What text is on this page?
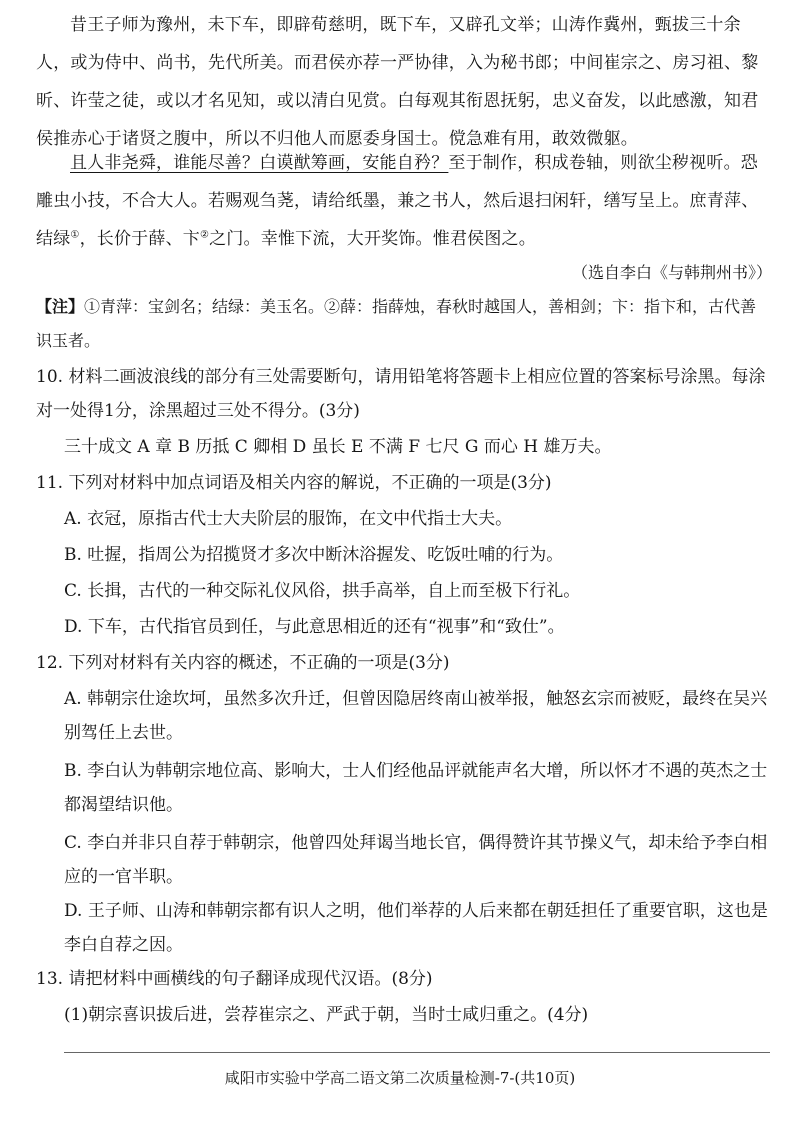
昔王子师为豫州，未下车，即辟荀慈明，既下车，又辟孔文举；山涛作冀州，甄拔三十余人，或为侍中、尚书，先代所美。而君侯亦荐一严协律，入为秘书郎；中间崔宗之、房习祖、黎昕、许莹之徒，或以才名见知，或以清白见赏。白每观其衔恩抚躬，忠义奋发，以此感激，知君侯推赤心于诸贤之腹中，所以不归他人而愿委身国士。傥急难有用，敢效微躯。

且人非尧舜，谁能尽善？白谟猷筹画，安能自矜？至于制作，积成卷轴，则欲尘秽视听。恐雕虫小技，不合大人。若赐观刍荛，请给纸墨，兼之书人，然后退扫闲轩，缮写呈上。庶青萍、结绿①，长价于薛、卞②之门。幸惟下流，大开奖饰。惟君侯图之。

（选自李白《与韩荆州书》）
【注】①青萍：宝剑名；结绿：美玉名。②薛：指薛烛，春秋时越国人，善相剑；卞：指卞和，古代善识玉者。
10. 材料二画波浪线的部分有三处需要断句，请用铅笔将答题卡上相应位置的答案标号涂黑。每涂对一处得1分，涂黑超过三处不得分。(3分)
三十成文 A 章 B 历抵 C 卿相 D 虽长 E 不满 F 七尺 G 而心 H 雄万夫。
11. 下列对材料中加点词语及相关内容的解说，不正确的一项是(3分)
A. 衣冠，原指古代士大夫阶层的服饰，在文中代指士大夫。
B. 吐握，指周公为招揽贤才多次中断沐浴握发、吃饭吐哺的行为。
C. 长揖，古代的一种交际礼仪风俗，拱手高举，自上而至极下行礼。
D. 下车，古代指官员到任，与此意思相近的还有“视事”和“致仕”。
12. 下列对材料有关内容的概述，不正确的一项是(3分)
A. 韩朝宗仕途坎坷，虽然多次升迁，但曾因隐居终南山被举报，触怒玄宗而被贬，最终在吴兴别驾任上去世。
B. 李白认为韩朝宗地位高、影响大，士人们经他品评就能声名大增，所以怀才不遇的英杰之士都渴望结识他。
C. 李白并非只自荐于韩朝宗，他曾四处拜谒当地长官，偶得赞许其节操义气，却未给予李白相应的一官半职。
D. 王子师、山涛和韩朝宗都有识人之明，他们举荐的人后来都在朝廷担任了重要官职，这也是李白自荐之因。
13. 请把材料中画横线的句子翻译成现代汉语。(8分)
(1)朝宗喜识拔后进，尝荐崔宗之、严武于朝，当时士咸归重之。(4分)
咸阳市实验中学高二语文第二次质量检测-7-(共10页)
